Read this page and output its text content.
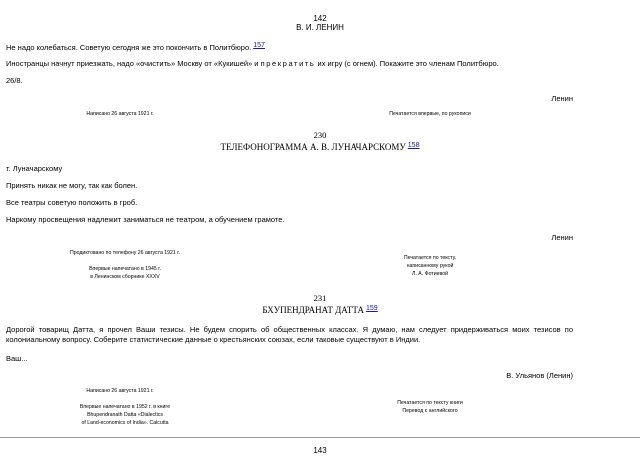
142
В. И. ЛЕНИН
Не надо колебаться. Советую сегодня же это покончить в Политбюро. 157
Иностранцы начнут приезжать, надо «очистить» Москву от «Кукишей» и прекратить их игру (с огнем). Покажите это членам Политбюро.
26/8.
Ленин
Написано 26 августа 1921 г.	Печатается впервые, по рукописи
230
ТЕЛЕФОНОГРАММА А. В. ЛУНАЧАРСКОМУ $^{158}$
т. Луначарскому
Принять никак не могу, так как болен.
Все театры советую положить в гроб.
Наркому просвещения надлежит заниматься не театром, а обучением грамоте.
Ленин
Продиктовано по телефону 26 августа 1921 г.
Впервые напечатано в 1945 г.
в Ленинском сборнике XXXV
Печатается по тексту,
написанному рукой
Л. А. Фотиевой
231
БХУПЕНДРАНАТ ДАТТА $^{159}$
Дорогой товарищ Датта, я прочел Ваши тезисы. Не будем спорить об общественных классах. Я думаю, нам следует придерживаться моих тезисов по колониальному вопросу. Соберите статистические данные о крестьянских союзах, если таковые существуют в Индии.
Ваш...
В. Ульянов (Ленин)
Написано 26 августа 1921 г.
Впервые напечатано в 1952 г. в книге
Bhupendranath Datta «Dialectics
of Land-economics of India». Calcutta
Печатается по тексту книги
Перевод с английского
143
